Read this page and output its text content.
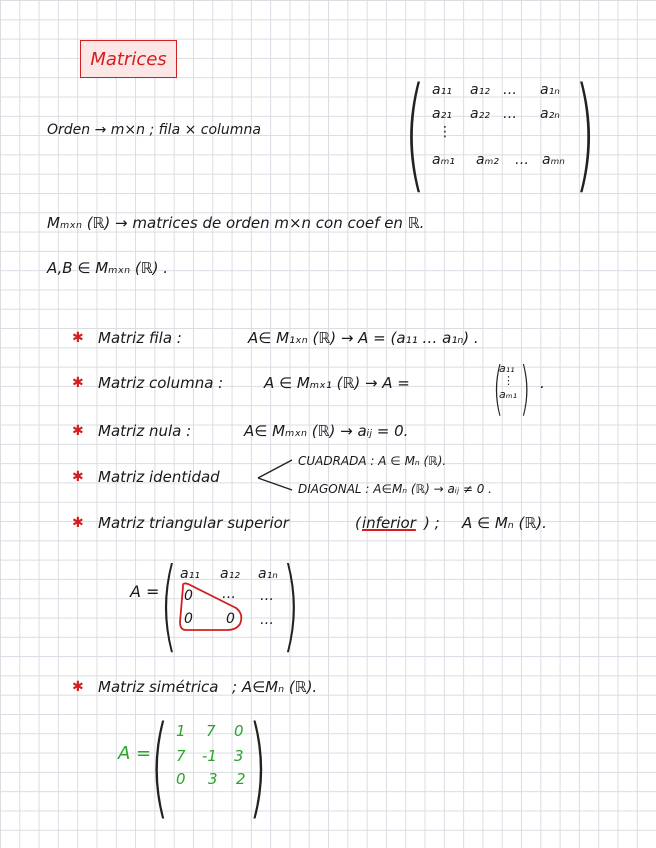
Matrices
Orden → m×n ; fila × columna ( )
a₁₁ a₁₂ … a₁ₙ
a₂₁ a₂₂ … a₂ₙ
⋮
aₘ₁ aₘ₂ … aₘₙ
Mₘₓₙ (ℝ) → matrices de orden m×n con coef en ℝ.
A,B ∈ Mₘₓₙ (ℝ) .
✱ Matriz fila :	A∈ M₁ₓₙ (ℝ) → A = (a₁₁ … a₁ₙ) .
✱ Matriz columna :	A ∈ Mₘₓ₁ (ℝ) → A = ( )
a₁₁
⋮
aₘ₁
.
✱ Matriz nula :	A∈ Mₘₓₙ (ℝ) → aᵢⱼ = 0.
✱ Matriz identidad
CUADRADA : A ∈ Mₙ (ℝ).
DIAGONAL : A∈Mₙ (ℝ) → aᵢⱼ ≠ 0 .
✱ Matriz triangular superior	( inferior ) ; A ∈ Mₙ (ℝ).
A = ( )
a₁₁ a₁₂ a₁ₙ
0 … …
0 0 …
✱ Matriz simétrica ; A∈Mₙ (ℝ).
A =
( )
1 7 0
7 -1 3
0 3 2
